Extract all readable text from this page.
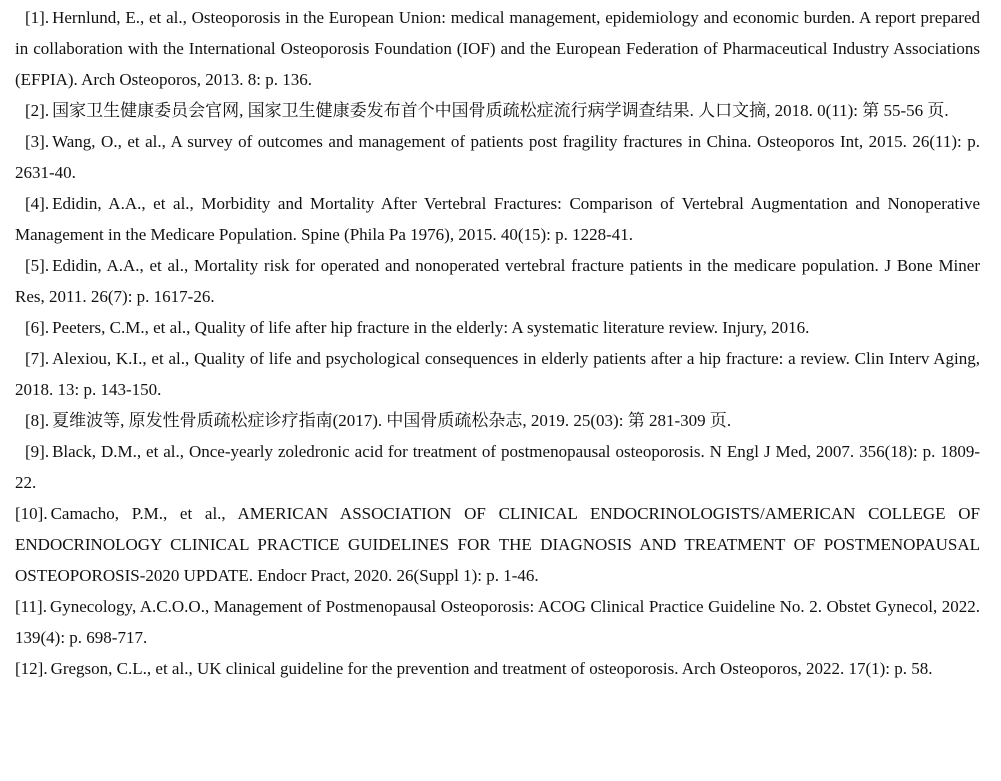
[1]. Hernlund, E., et al., Osteoporosis in the European Union: medical management, epidemiology and economic burden. A report prepared in collaboration with the International Osteoporosis Foundation (IOF) and the European Federation of Pharmaceutical Industry Associations (EFPIA). Arch Osteoporos, 2013. 8: p. 136.

[2]. 国家卫生健康委员会官网, 国家卫生健康委发布首个中国骨质疏松症流行病学调查结果. 人口文摘, 2018. 0(11): 第 55-56 页.

[3]. Wang, O., et al., A survey of outcomes and management of patients post fragility fractures in China. Osteoporos Int, 2015. 26(11): p. 2631-40.

[4]. Edidin, A.A., et al., Morbidity and Mortality After Vertebral Fractures: Comparison of Vertebral Augmentation and Nonoperative Management in the Medicare Population. Spine (Phila Pa 1976), 2015. 40(15): p. 1228-41.

[5]. Edidin, A.A., et al., Mortality risk for operated and nonoperated vertebral fracture patients in the medicare population. J Bone Miner Res, 2011. 26(7): p. 1617-26.

[6]. Peeters, C.M., et al., Quality of life after hip fracture in the elderly: A systematic literature review. Injury, 2016.

[7]. Alexiou, K.I., et al., Quality of life and psychological consequences in elderly patients after a hip fracture: a review. Clin Interv Aging, 2018. 13: p. 143-150.

[8]. 夏维波等, 原发性骨质疏松症诊疗指南(2017). 中国骨质疏松杂志, 2019. 25(03): 第 281-309 页.

[9]. Black, D.M., et al., Once-yearly zoledronic acid for treatment of postmenopausal osteoporosis. N Engl J Med, 2007. 356(18): p. 1809-22.

[10]. Camacho, P.M., et al., AMERICAN ASSOCIATION OF CLINICAL ENDOCRINOLOGISTS/AMERICAN COLLEGE OF ENDOCRINOLOGY CLINICAL PRACTICE GUIDELINES FOR THE DIAGNOSIS AND TREATMENT OF POSTMENOPAUSAL OSTEOPOROSIS-2020 UPDATE. Endocr Pract, 2020. 26(Suppl 1): p. 1-46.

[11]. Gynecology, A.C.O.O., Management of Postmenopausal Osteoporosis: ACOG Clinical Practice Guideline No. 2. Obstet Gynecol, 2022. 139(4): p. 698-717.

[12]. Gregson, C.L., et al., UK clinical guideline for the prevention and treatment of osteoporosis. Arch Osteoporos, 2022. 17(1): p. 58.
